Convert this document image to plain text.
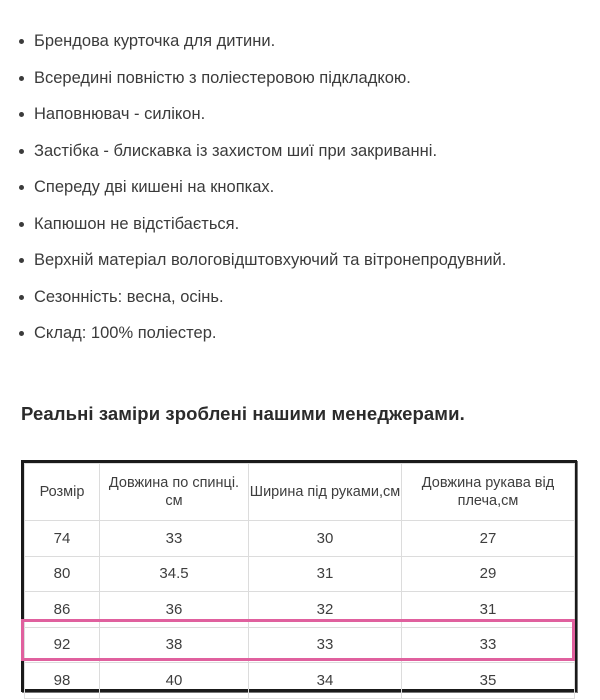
Брендова курточка для дитини.
Всередині повністю з поліестеровою підкладкою.
Наповнювач - силікон.
Застібка - блискавка із захистом шиї при закриванні.
Спереду дві кишені на кнопках.
Капюшон не відстібається.
Верхній матеріал вологовідштовхуючий та вітронепродувний.
Сезонність: весна, осінь.
Склад: 100% поліестер.
Реальні заміри зроблені нашими менеджерами.
Розмір	Довжина по спинці. см	Ширина під руками,см	Довжина рукава від плеча,см
74	33	30	27
80	34.5	31	29
86	36	32	31
92	38	33	33
98	40	34	35
